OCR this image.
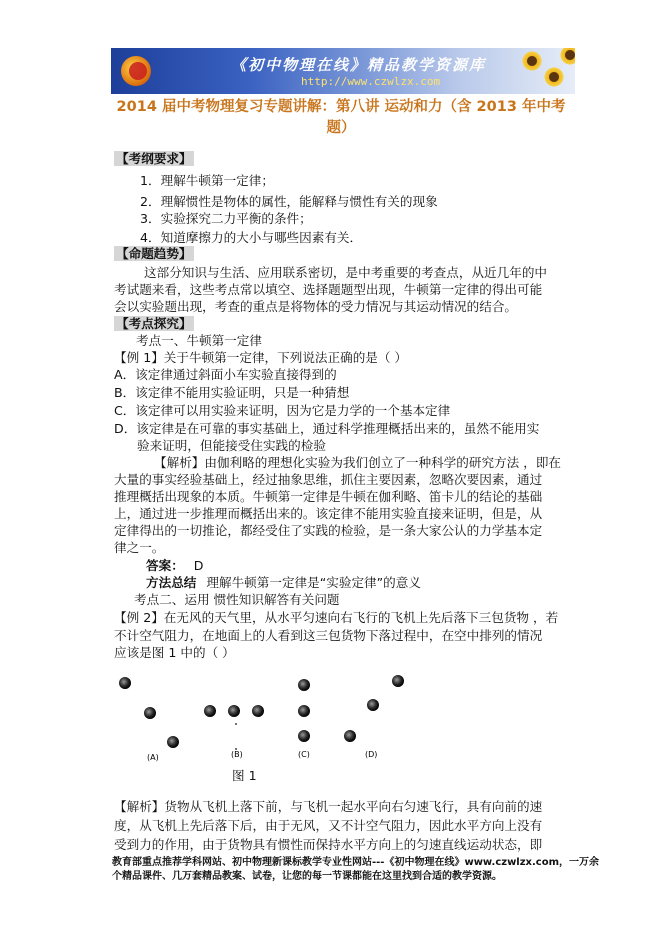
《初中物理在线》精品教学资源库
http://www.czwlzx.com
2014 届中考物理复习专题讲解：第八讲 运动和力（含 2013 年中考题）
【考纲要求】
1．理解牛顿第一定律；
2．理解惯性是物体的属性，能解释与惯性有关的现象
3．实验探究二力平衡的条件；
4．知道摩擦力的大小与哪些因素有关．
【命题趋势】
这部分知识与生活、应用联系密切，是中考重要的考查点，从近几年的中
考试题来看，这些考点常以填空、选择题题型出现，牛顿第一定律的得出可能
会以实验题出现，考查的重点是将物体的受力情况与其运动情况的结合。
【考点探究】
考点一、牛顿第一定律
【例 1】关于牛顿第一定律，下列说法正确的是（ ）
A．该定律通过斜面小车实验直接得到的
B．该定律不能用实验证明，只是一种猜想
C．该定律可以用实验来证明，因为它是力学的一个基本定律
D．该定律是在可靠的事实基础上，通过科学推理概括出来的，虽然不能用实
验来证明，但能接受住实践的检验
【解析】由伽利略的理想化实验为我们创立了一种科学的研究方法 ，即在
大量的事实经验基础上，经过抽象思维，抓住主要因素，忽略次要因素，通过
推理概括出现象的本质。牛顿第一定律是牛顿在伽利略、笛卡儿的结论的基础
上，通过进一步推理而概括出来的。该定律不能用实验直接来证明，但是，从
定律得出的一切推论，都经受住了实践的检验，是一条大家公认的力学基本定
律之一。
答案： D
方法总结 理解牛顿第一定律是“实验定律”的意义
考点二、运用 惯性知识解答有关问题
【例 2】在无风的天气里，从水平匀速向右飞行的飞机上先后落下三包货物 ，若
不计空气阻力，在地面上的人看到这三包货物下落过程中，在空中排列的情况
应该是图 1 中的（ ）
(A)	(B)	(C)	(D)
图 1
【解析】货物从飞机上落下前，与飞机一起水平向右匀速飞行，具有向前的速
度，从飞机上先后落下后，由于无风，又不计空气阻力，因此水平方向上没有
受到力的作用，由于货物具有惯性而保持水平方向上的匀速直线运动状态，即
教育部重点推荐学科网站、初中物理新课标教学专业性网站---《初中物理在线》www.czwlzx.com，一万余
个精品课件、几万套精品教案、试卷，让您的每一节课都能在这里找到合适的教学资源。
